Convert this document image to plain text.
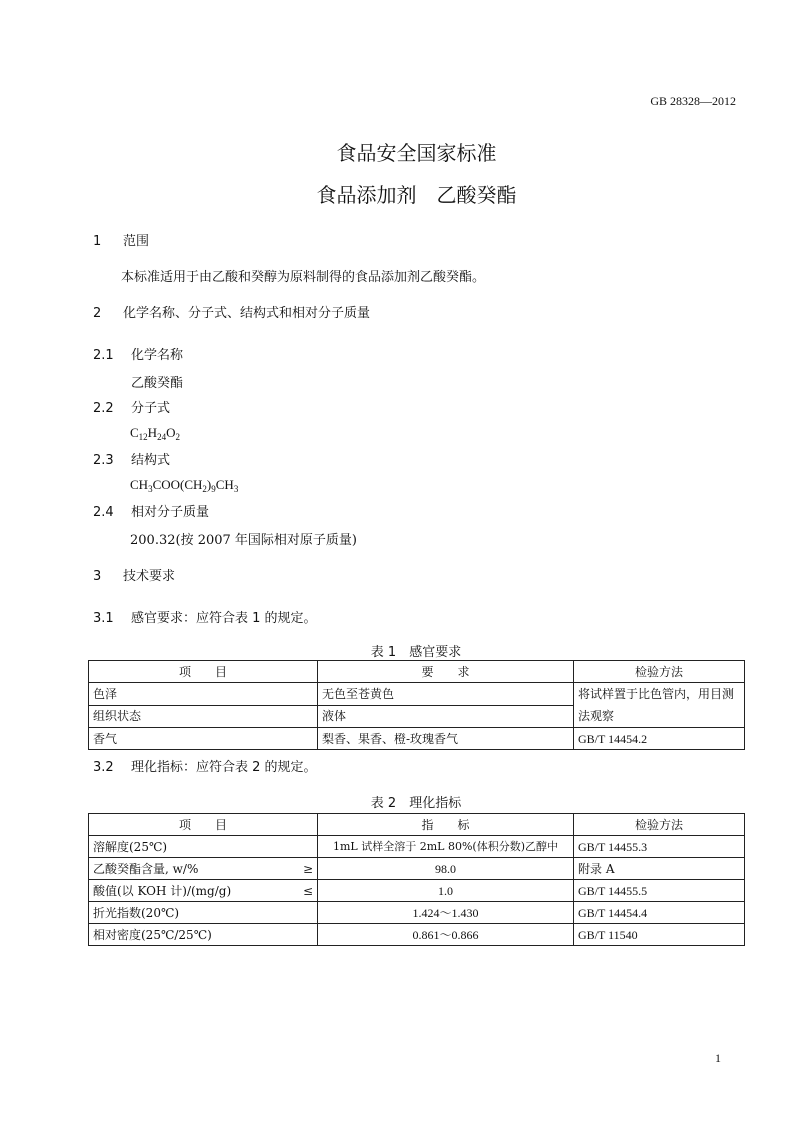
GB 28328—2012
食品安全国家标准
食品添加剂　乙酸癸酯
1 范围
本标准适用于由乙酸和癸醇为原料制得的食品添加剂乙酸癸酯。
2 化学名称、分子式、结构式和相对分子质量
2.1 化学名称
乙酸癸酯
2.2 分子式
$C_{12}H_{24}O_2$
2.3 结构式
$CH_3COO(CH_2)_9CH_3$
2.4 相对分子质量
200.32(按 2007 年国际相对原子质量)
3 技术要求
3.1 感官要求：应符合表 1 的规定。
表 1　感官要求
项　　目	要　　求	检验方法
色泽	无色至苍黄色	将试样置于比色管内，用目测法观察
组织状态	液体	
香气	梨香、果香、橙-玫瑰香气	GB/T 14454.2
3.2 理化指标：应符合表 2 的规定。
表 2　理化指标
项　　目	指　　标	检验方法
溶解度(25℃)	1mL 试样全溶于 2mL 80%(体积分数)乙醇中	GB/T 14455.3
乙酸癸酯含量, w/% ≥	98.0	附录 A
酸值(以 KOH 计)/(mg/g) ≤	1.0	GB/T 14455.5
折光指数(20℃)	1.424～1.430	GB/T 14454.4
相对密度(25℃/25℃)	0.861～0.866	GB/T 11540
1
